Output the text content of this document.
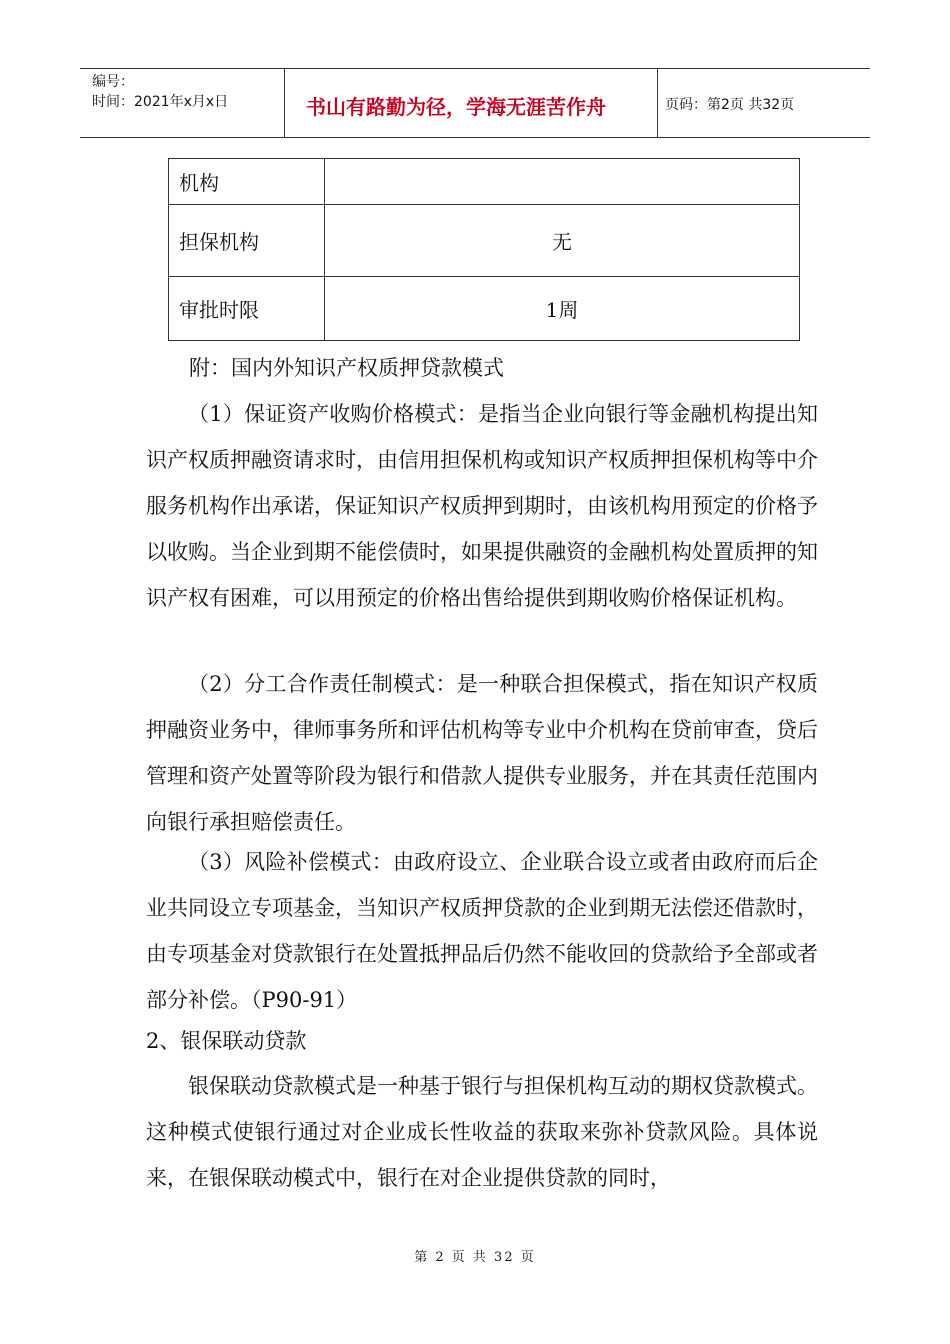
编号：
时间：2021年x月x日	书山有路勤为径，学海无涯苦作舟	页码：第2页 共32页
机构	
担保机构	无
审批时限	1周

附：国内外知识产权质押贷款模式

（1）保证资产收购价格模式：是指当企业向银行等金融机构提出知识产权质押融资请求时，由信用担保机构或知识产权质押担保机构等中介服务机构作出承诺，保证知识产权质押到期时，由该机构用预定的价格予以收购。当企业到期不能偿债时，如果提供融资的金融机构处置质押的知识产权有困难，可以用预定的价格出售给提供到期收购价格保证机构。

（2）分工合作责任制模式：是一种联合担保模式，指在知识产权质押融资业务中，律师事务所和评估机构等专业中介机构在贷前审查，贷后管理和资产处置等阶段为银行和借款人提供专业服务，并在其责任范围内向银行承担赔偿责任。

（3）风险补偿模式：由政府设立、企业联合设立或者由政府而后企业共同设立专项基金，当知识产权质押贷款的企业到期无法偿还借款时，由专项基金对贷款银行在处置抵押品后仍然不能收回的贷款给予全部或者部分补偿。（P90-91）

2、银保联动贷款

银保联动贷款模式是一种基于银行与担保机构互动的期权贷款模式。这种模式使银行通过对企业成长性收益的获取来弥补贷款风险。具体说来，在银保联动模式中，银行在对企业提供贷款的同时，

第 2 页 共 32 页
